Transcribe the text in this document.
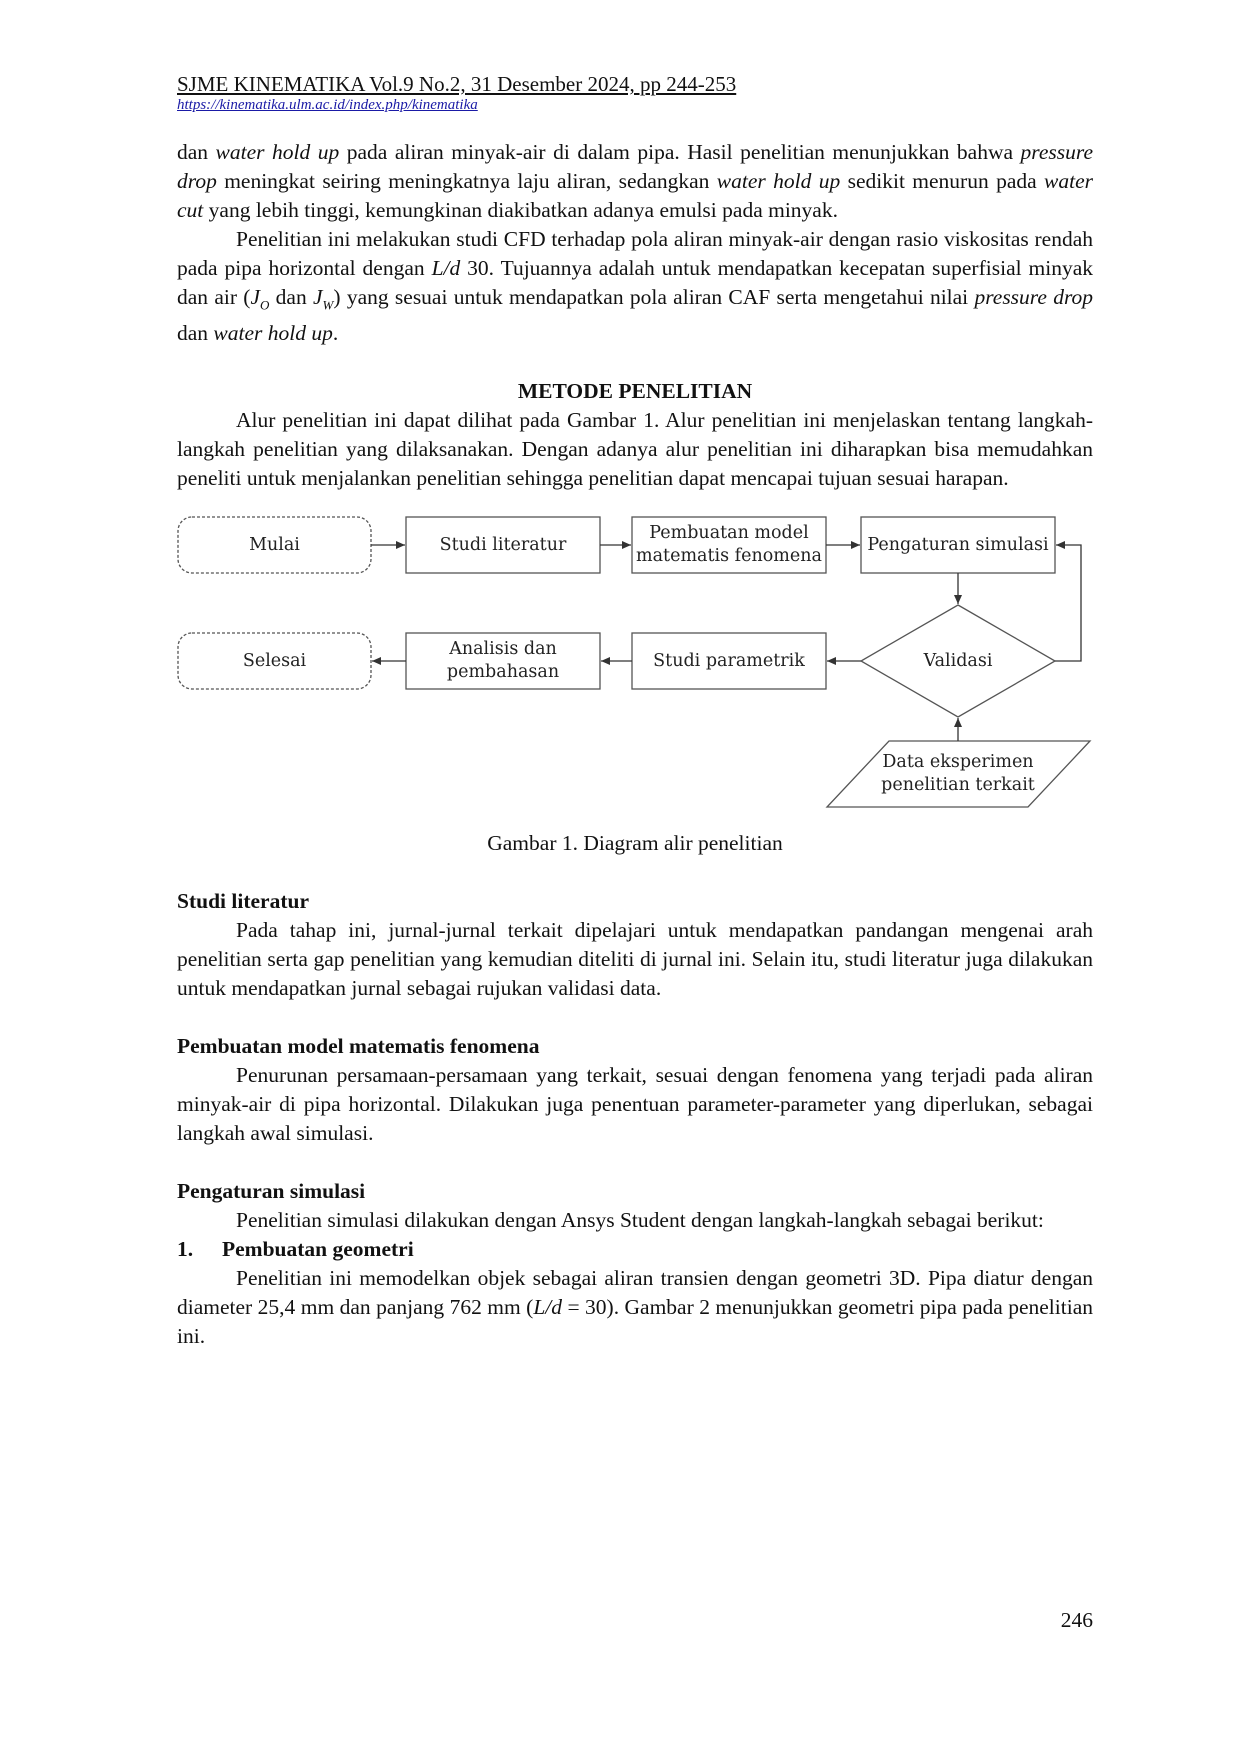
SJME KINEMATIKA Vol.9 No.2, 31 Desember 2024, pp 244-253

https://kinematika.ulm.ac.id/index.php/kinematika

dan water hold up pada aliran minyak-air di dalam pipa. Hasil penelitian menunjukkan bahwa pressure drop meningkat seiring meningkatnya laju aliran, sedangkan water hold up sedikit menurun pada water cut yang lebih tinggi, kemungkinan diakibatkan adanya emulsi pada minyak.

Penelitian ini melakukan studi CFD terhadap pola aliran minyak-air dengan rasio viskositas rendah pada pipa horizontal dengan L/d 30. Tujuannya adalah untuk mendapatkan kecepatan superfisial minyak dan air ($J_O$ dan $J_W$) yang sesuai untuk mendapatkan pola aliran CAF serta mengetahui nilai pressure drop dan water hold up.

METODE PENELITIAN

Alur penelitian ini dapat dilihat pada Gambar 1. Alur penelitian ini menjelaskan tentang langkah-langkah penelitian yang dilaksanakan. Dengan adanya alur penelitian ini diharapkan bisa memudahkan peneliti untuk menjalankan penelitian sehingga penelitian dapat mencapai tujuan sesuai harapan.

Mulai	Studi literatur
Pembuatan model
matematis fenomena
Pengaturan simulasi
Validasi
Studi parametrik
Analisis dan
pembahasan
Selesai
Data eksperimen
penelitian terkait

Gambar 1. Diagram alir penelitian

Studi literatur

Pada tahap ini, jurnal-jurnal terkait dipelajari untuk mendapatkan pandangan mengenai arah penelitian serta gap penelitian yang kemudian diteliti di jurnal ini. Selain itu, studi literatur juga dilakukan untuk mendapatkan jurnal sebagai rujukan validasi data.

Pembuatan model matematis fenomena

Penurunan persamaan-persamaan yang terkait, sesuai dengan fenomena yang terjadi pada aliran minyak-air di pipa horizontal. Dilakukan juga penentuan parameter-parameter yang diperlukan, sebagai langkah awal simulasi.

Pengaturan simulasi

Penelitian simulasi dilakukan dengan Ansys Student dengan langkah-langkah sebagai berikut:

1.	Pembuatan geometri

Penelitian ini memodelkan objek sebagai aliran transien dengan geometri 3D. Pipa diatur dengan diameter 25,4 mm dan panjang 762 mm (L/d = 30). Gambar 2 menunjukkan geometri pipa pada penelitian ini.

246
